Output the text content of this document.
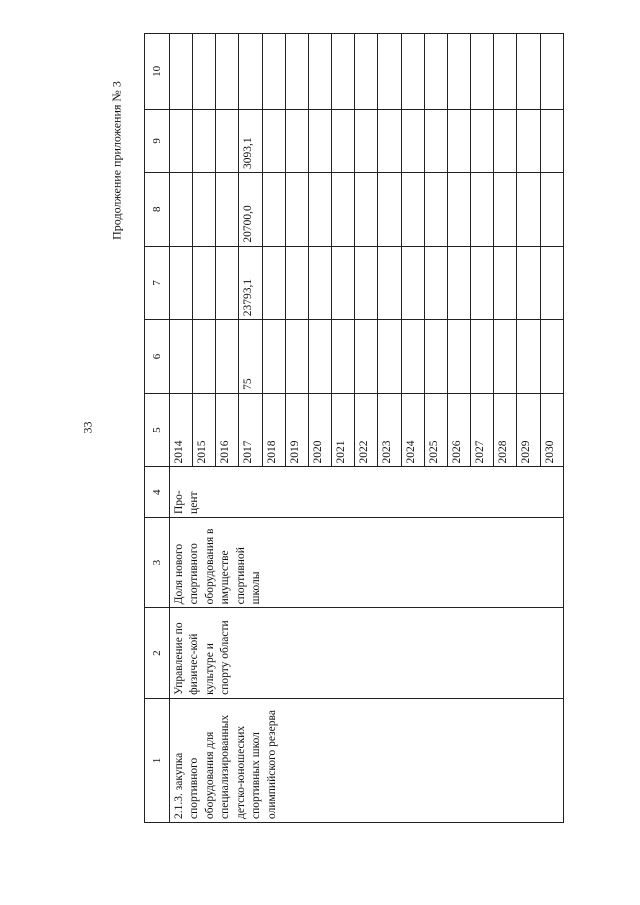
33
Продолжение приложения № 3
1	2	3	4	5	6	7	8	9	10
2.1.3. закупка спортивного оборудования для специализированных детско-юношеских спортивных школ олимпийского резерва	Управление по физичес-кой культуре и спорту области	Доля нового спортивного оборудования в имуществе спортивной школы	Про-цент	2014					
				2015					
				2016					
				2017	75	23793,1	20700,0	3093,1	
				2018					
				2019					
				2020					
				2021					
				2022					
				2023					
				2024					
				2025					
				2026					
				2027					
				2028					
				2029					
				2030					
